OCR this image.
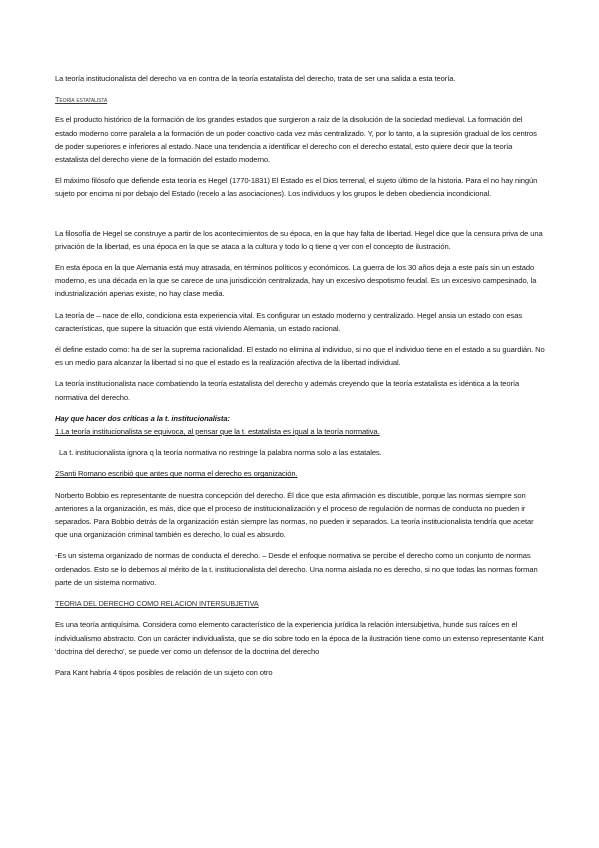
La teoría institucionalista del derecho va en contra de la teoría estatalista del derecho, trata de ser una salida a esta teoría.

Teoría estatalista

Es el producto histórico de la formación de los grandes estados que surgieron a raíz de la disolución de la sociedad medieval. La formación del estado moderno corre paralela a la formación de un poder coactivo cada vez más centralizado. Y, por lo tanto, a la supresión gradual de los centros de poder superiores e inferiores al estado. Nace una tendencia a identificar el derecho con el derecho estatal, esto quiere decir que la teoría estatalista del derecho viene de la formación del estado moderno.

El máximo filósofo que defiende esta teoría es Hegel (1770-1831) El Estado es el Dios terrenal, el sujeto último de la historia. Para el no hay ningún sujeto por encima ni por debajo del Estado (recelo a las asociaciones). Los individuos y los grupos le deben obediencia incondicional.

La filosofía de Hegel se construye a partir de los acontecimientos de su época, en la que hay falta de libertad. Hegel dice que la censura priva de una privación de la libertad, es una época en la que se ataca a la cultura y todo lo q tiene q ver con el concepto de ilustración.

En esta época en la que Alemania está muy atrasada, en términos políticos y económicos. La guerra de los 30 años deja a este país sin un estado moderno, es una década en la que se carece de una jurisdicción centralizada, hay un excesivo despotismo feudal. Es un excesivo campesinado, la industrialización apenas existe, no hay clase media.

La teoría de – nace de ello, condiciona esta experiencia vital. Es configurar un estado moderno y centralizado. Hegel ansia un estado con esas características, que supere la situación que está viviendo Alemania, un estado racional.

él define estado como: ha de ser la suprema racionalidad. El estado no elimina al individuo, si no que el individuo tiene en el estado a su guardián. No es un medio para alcanzar la libertad si no que el estado es la realización afectiva de la libertad individual.

La teoría institucionalista nace combatiendo la teoría estatalista del derecho y además creyendo que la teoría estatalista es idéntica a la teoría normativa del derecho.

Hay que hacer dos críticas a la t. institucionalista:

1.La teoría institucionalista se equivoca, al pensar que la t. estatalista es igual a la teoría normativa.

La t. institucionalista ignora q la teoría normativa no restringe la palabra norma solo a las estatales.

2Santi Romano escribió que antes que norma el derecho es organización.

Norberto Bobbio es representante de nuestra concepción del derecho. Él dice que esta afirmación es discutible, porque las normas siempre son anteriores a la organización, es más, dice que el proceso de institucionalización y el proceso de regulación de normas de conducta no pueden ir separados. Para Bobbio detrás de la organización están siempre las normas, no pueden ir separados. La teoría institucionalista tendría que acetar que una organización criminal también es derecho, lo cual es absurdo.

-Es un sistema organizado de normas de conducta el derecho. – Desde el enfoque normativa se percibe el derecho como un conjunto de normas ordenados. Esto se lo debemos al mérito de la t. institucionalista del derecho. Una norma aislada no es derecho, si no que todas las normas forman parte de un sistema normativo.

TEORIA DEL DERECHO COMO RELACION INTERSUBJETIVA

Es una teoría antiquísima. Considera como elemento característico de la experiencia jurídica la relación intersubjetiva, hunde sus raíces en el individualismo abstracto. Con un carácter individualista, que se dio sobre todo en la época de la ilustración tiene como un extenso representante Kant 'doctrina del derecho', se puede ver como un defensor de la doctrina del derecho

Para Kant habría 4 tipos posibles de relación de un sujeto con otro
